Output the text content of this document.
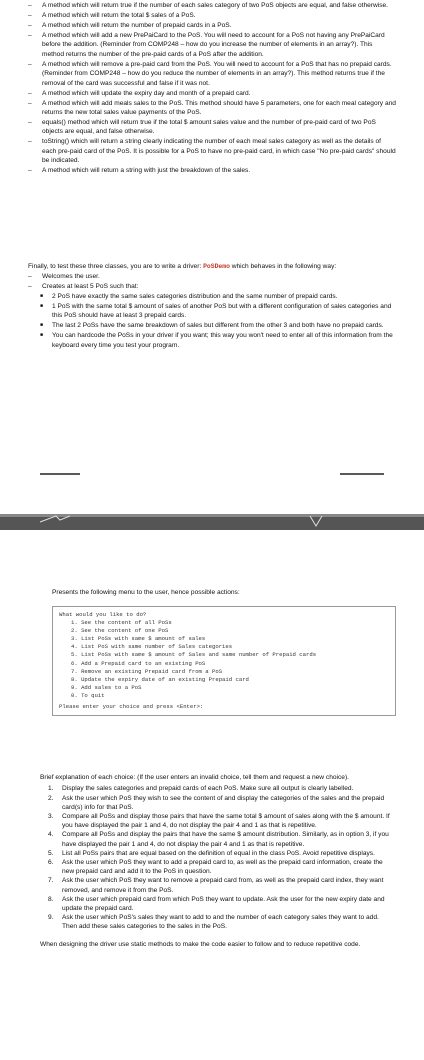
– A method which will return true if the number of each sales category of two PoS objects are equal, and false otherwise.
– A method which will return the total $ sales of a PoS.
– A method which will return the number of prepaid cards in a PoS.
– A method which will add a new PrePaiCard to the PoS. You will need to account for a PoS not having any PrePaiCard before the addition. (Reminder from COMP248 – how do you increase the number of elements in an array?). This method returns the number of the pre-paid cards of a PoS after the addition.
– A method which will remove a pre-paid card from the PoS. You will need to account for a PoS that has no prepaid cards. (Reminder from COMP248 – how do you reduce the number of elements in an array?). This method returns true if the removal of the card was successful and false if it was not.
– A method which will update the expiry day and month of a prepaid card.
– A method which will add meals sales to the PoS. This method should have 5 parameters, one for each meal category and returns the new total sales value payments of the PoS.
– equals() method which will return true if the total $ amount sales value and the number of pre-paid card of two PoS objects are equal, and false otherwise.
– toString() which will return a string clearly indicating the number of each meal sales category as well as the details of each pre-paid card of the PoS. It is possible for a PoS to have no pre-paid card, in which case "No pre-paid cards" should be indicated.
– A method which will return a string with just the breakdown of the sales.

Finally, to test these three classes, you are to write a driver: PoSDemo which behaves in the following way:

– Welcomes the user.
– Creates at least 5 PoS such that:
■ 2 PoS have exactly the same sales categories distribution and the same number of prepaid cards.
■ 1 PoS with the same total $ amount of sales of another PoS but with a different configuration of sales categories and this PoS should have at least 3 prepaid cards.
■ The last 2 PoSs have the same breakdown of sales but different from the other 3 and both have no prepaid cards.
■ You can hardcode the PoSs in your driver if you want; this way you won't need to enter all of this information from the keyboard every time you test your program.

Presents the following menu to the user, hence possible actions:

What would you like to do?
1. See the content of all PoSs
2. See the content of one PoS
3. List PoSs with same $ amount of sales
4. List PoS with same number of Sales categories
5. List PoSs with same $ amount of Sales and same number of Prepaid cards
6. Add a Prepaid card to an existing PoS
7. Remove an existing Prepaid card from a PoS
8. Update the expiry date of an existing Prepaid card
9. Add sales to a PoS
0. To quit
Please enter your choice and press <Enter>:

Brief explanation of each choice: (If the user enters an invalid choice, tell them and request a new choice).

1. Display the sales categories and prepaid cards of each PoS. Make sure all output is clearly labelled.
2. Ask the user which PoS they wish to see the content of and display the categories of the sales and the prepaid card(s) info for that PoS.
3. Compare all PoSs and display those pairs that have the same total $ amount of sales along with the $ amount. If you have displayed the pair 1 and 4, do not display the pair 4 and 1 as that is repetitive.
4. Compare all PoSs and display the pairs that have the same $ amount distribution. Similarly, as in option 3, if you have displayed the pair 1 and 4, do not display the pair 4 and 1 as that is repetitive.
5. List all PoSs pairs that are equal based on the definition of equal in the class PoS. Avoid repetitive displays.
6. Ask the user which PoS they want to add a prepaid card to, as well as the prepaid card information, create the new prepaid card and add it to the PoS in question.
7. Ask the user which PoS they want to remove a prepaid card from, as well as the prepaid card index, they want removed, and remove it from the PoS.
8. Ask the user which prepaid card from which PoS they want to update. Ask the user for the new expiry date and update the prepaid card.
9. Ask the user which PoS's sales they want to add to and the number of each category sales they want to add. Then add these sales categories to the sales in the PoS.

When designing the driver use static methods to make the code easier to follow and to reduce repetitive code.
